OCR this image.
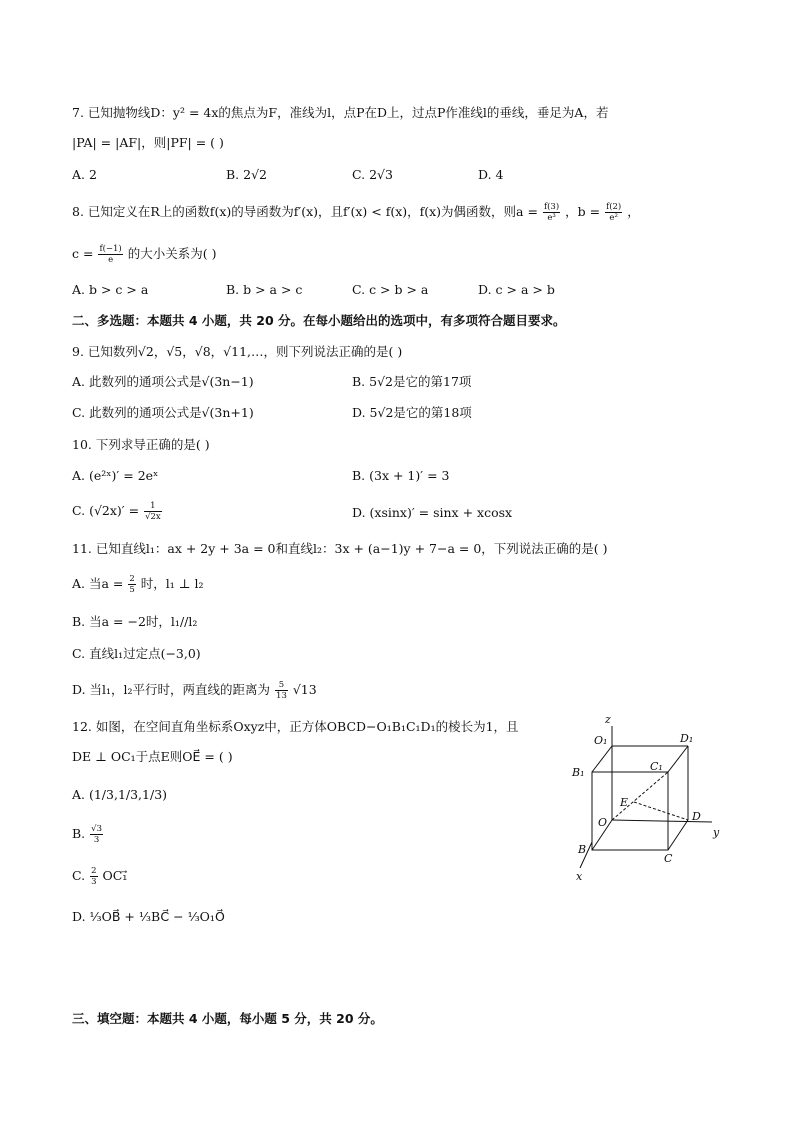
7. 已知抛物线D：y² = 4x的焦点为F，准线为l，点P在D上，过点P作准线l的垂线，垂足为A，若
|PA| = |AF|，则|PF| = ( )
A. 2	B. 2√2	C. 2√3	D. 4
8. 已知定义在R上的函数f(x)的导函数为f′(x)，且f′(x) < f(x)，f(x)为偶函数，则$a = \frac{f(3)}{\text{e³}}$ ，$b = \frac{f(2)}{\text{e²}}$ ，
$c = \frac{f(-1)}{e}$ 的大小关系为( )
A. b > c > a	B. b > a > c	C. c > b > a	D. c > a > b
二、多选题：本题共 4 小题，共 20 分。在每小题给出的选项中，有多项符合题目要求。
9. 已知数列√2，√5，√8，√11,…，则下列说法正确的是( )
A. 此数列的通项公式是√(3n−1)	B. 5√2是它的第17项
C. 此数列的通项公式是√(3n+1)	D. 5√2是它的第18项
10. 下列求导正确的是( )
A. (e²ˣ)′ = 2eˣ	B. (3x + 1)′ = 3
C. $(√2x)' = \frac{1}{√2x}$	D. (xsinx)′ = sinx + xcosx
11. 已知直线l₁：ax + 2y + 3a = 0和直线l₂：3x + (a−1)y + 7−a = 0，下列说法正确的是( )
A. 当$a = \frac{2}{5}$ 时，l₁ ⊥ l₂
B. 当a = −2时，l₁//l₂
C. 直线l₁过定点(−3,0)
D. 当l₁，l₂平行时，两直线的距离为 $\frac{5}{13} √13$
12. 如图，在空间直角坐标系Oxyz中，正方体OBCD−O₁B₁C₁D₁的棱长为1，且
DE ⊥ OC₁于点E则OE⃗ = ( )
A. (1/3,1/3,1/3)
B. $\frac{√3}{3}$
C. $\frac{2}{3}$ OC₁⃗
D. ⅓OB⃗ + ⅓BC⃗ − ⅓O₁O⃗
z
O₁	D₁
B₁	C₁
E
O	D
y
B
C
x
三、填空题：本题共 4 小题，每小题 5 分，共 20 分。
